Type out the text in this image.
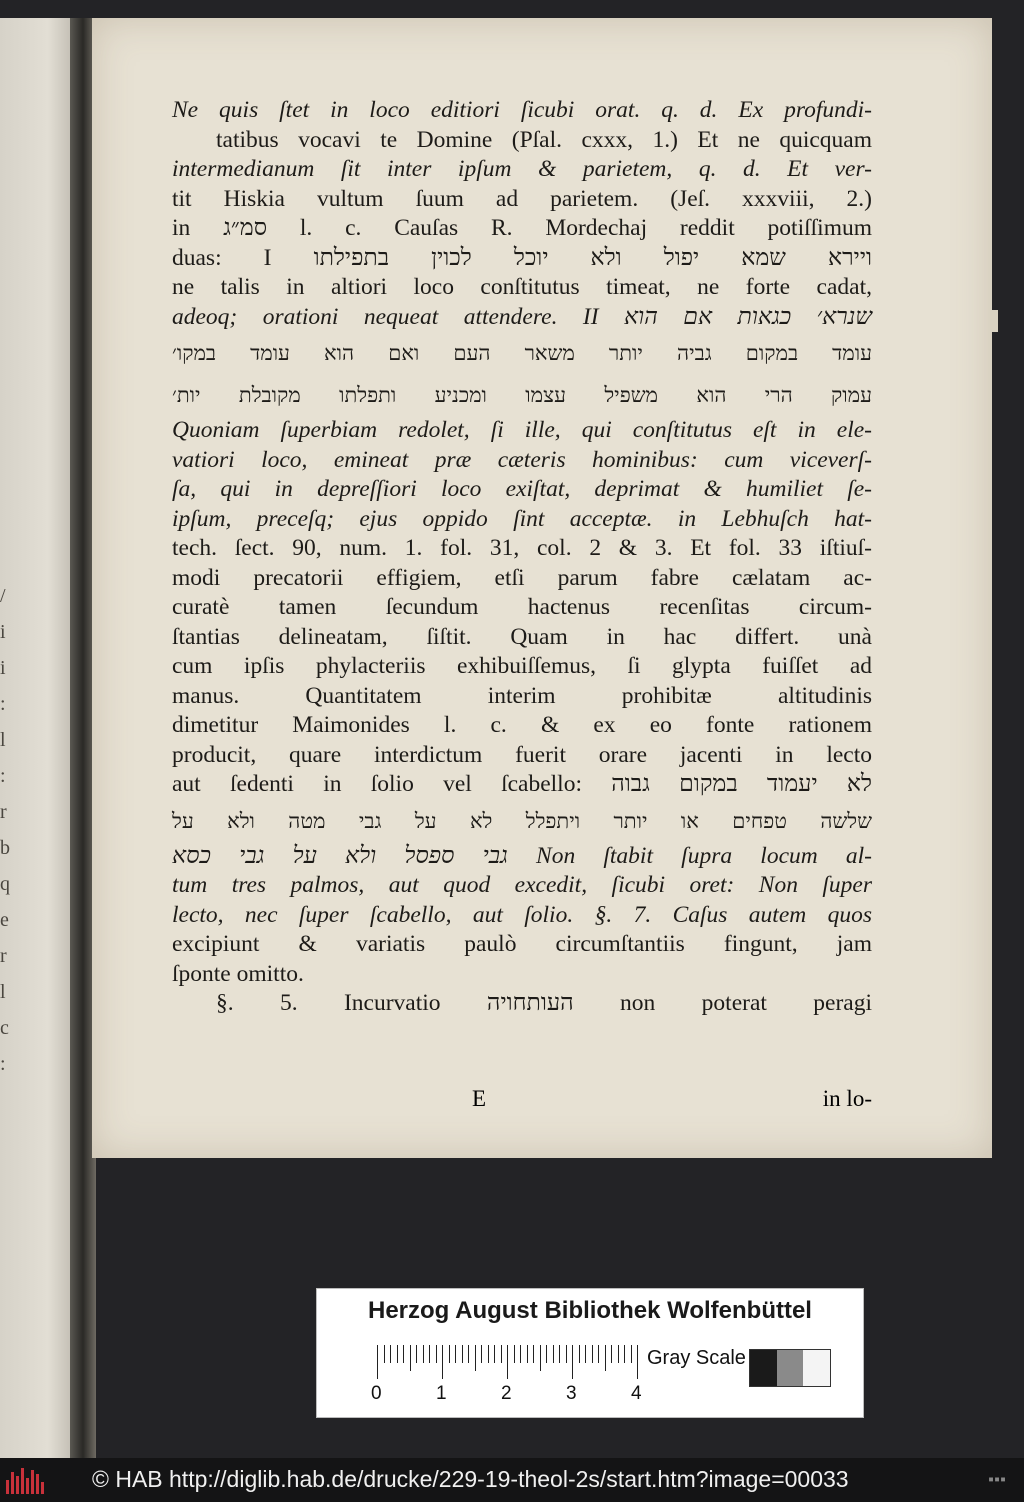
/
i
i
:
l
:
r
b
q
e
r
l
c
:
Ne quis ſtet in loco editiori ſicubi orat. q. d. Ex profundi-
tatibus vocavi te Domine (Pſal. cxxx, 1.) Et ne quicquam
intermedianum ſit inter ipſum & parietem, q. d. Et ver-
tit Hiskia vultum ſuum ad parietem. (Jeſ. xxxviii, 2.)
in סמ״ג l. c. Cauſas R. Mordechaj reddit potiſſimum
duas: I ויירא שמא יפול ולא יוכל לכוין בתפילתו
ne talis in altiori loco conſtitutus timeat, ne forte cadat,
adeoq; orationi nequeat attendere. II שנרא׳ כגאות אם הוא
עומד במקום גביה יותר משאר העם ואם הוא עומד במקו׳
עמוק הרי הוא משפיל עצמו ומכניע ותפלתו מקובלת יות׳
Quoniam ſuperbiam redolet, ſi ille, qui conſtitutus eſt in ele-
vatiori loco, emineat præ cæteris hominibus: cum viceverſ-
ſa, qui in depreſſiori loco exiſtat, deprimat & humiliet ſe-
ipſum, preceſq; ejus oppido ſint acceptæ. in Lebhuſch hat-
tech. ſect. 90, num. 1. fol. 31, col. 2 & 3. Et fol. 33 iſtiuſ-
modi precatorii effigiem, etſi parum fabre cælatam ac-
curatè tamen ſecundum hactenus recenſitas circum-
ſtantias delineatam, ſiſtit. Quam in hac differt. unà
cum ipſis phylacteriis exhibuiſſemus, ſi glypta fuiſſet ad
manus. Quantitatem interim prohibitæ altitudinis
dimetitur Maimonides l. c. & ex eo fonte rationem
producit, quare interdictum fuerit orare jacenti in lecto
aut ſedenti in ſolio vel ſcabello: לא יעמוד במקום גבוה
שלשה טפחים או יותר ויתפלל לא על גבי מטה ולא על
גבי ספסל ולא על גבי כסא Non ſtabit ſupra locum al-
tum tres palmos, aut quod excedit, ſicubi oret: Non ſuper
lecto, nec ſuper ſcabello, aut ſolio. §. 7. Caſus autem quos
excipiunt & variatis paulò circumſtantiis fingunt, jam
ſponte omitto.
§. 5. Incurvatio העותחויה non poterat peragi
E	in lo-
Herzog August Bibliothek Wolfenbüttel
0	1	2	3	4
Gray Scale
© HAB http://diglib.hab.de/drucke/229-19-theol-2s/start.htm?image=00033	▪▪▪
